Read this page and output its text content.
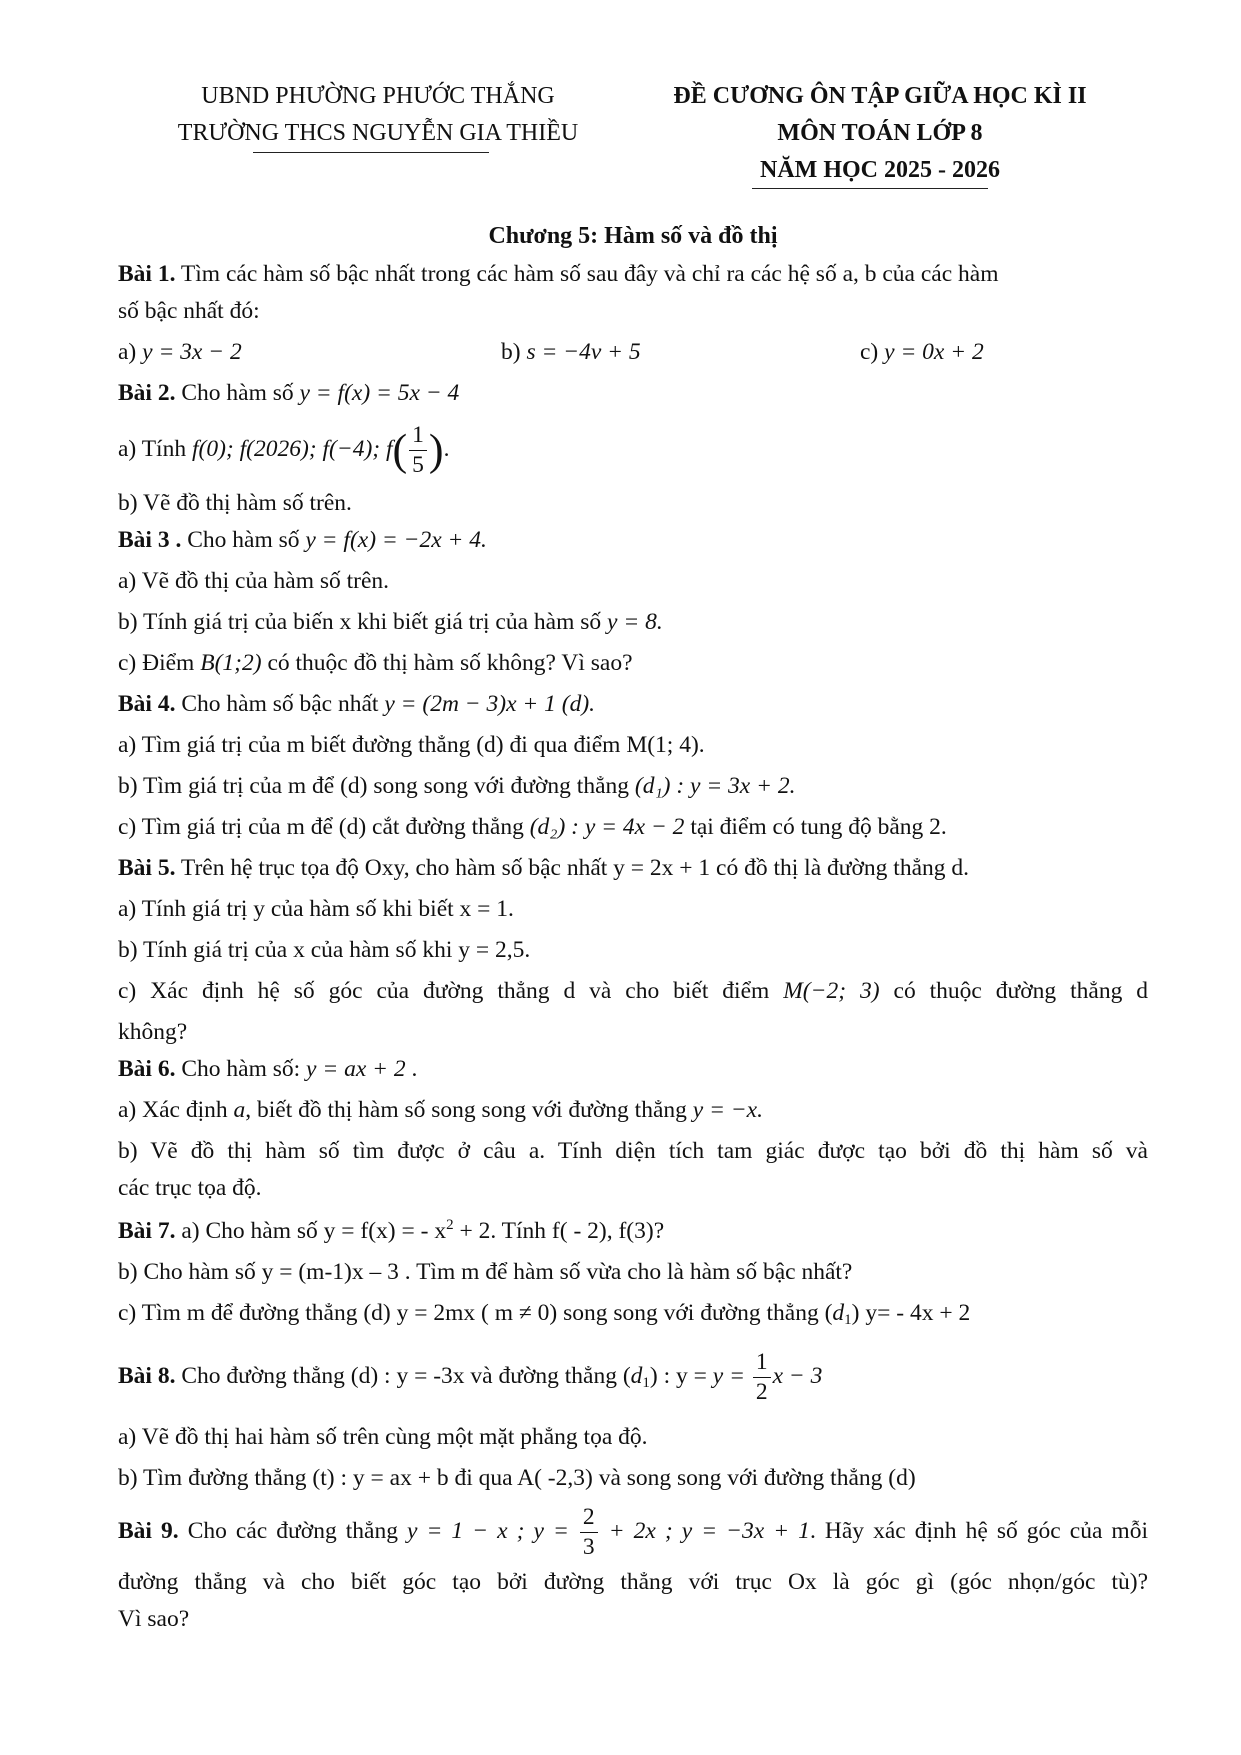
UBND PHƯỜNG PHƯỚC THẮNG
TRƯỜNG THCS NGUYỄN GIA THIỀU
ĐỀ CƯƠNG ÔN TẬP GIỮA HỌC KÌ II
MÔN TOÁN LỚP 8
NĂM HỌC 2025 - 2026
Chương 5: Hàm số và đồ thị
Bài 1. Tìm các hàm số bậc nhất trong các hàm số sau đây và chỉ ra các hệ số a, b của các hàm
số bậc nhất đó:
a) y = 3x − 2	b) s = −4v + 5	c) y = 0x + 2
Bài 2. Cho hàm số y = f(x) = 5x − 4
a) Tính f(0); f(2026); f(−4); $f( \frac{1}{5}$ ).
b) Vẽ đồ thị hàm số trên.
Bài 3 . Cho hàm số y = f(x) = −2x + 4.
a) Vẽ đồ thị của hàm số trên.
b) Tính giá trị của biến x khi biết giá trị của hàm số y = 8.
c) Điểm B(1;2) có thuộc đồ thị hàm số không? Vì sao?
Bài 4. Cho hàm số bậc nhất y = (2m − 3)x + 1 (d).
a) Tìm giá trị của m biết đường thẳng (d) đi qua điểm M(1; 4).
b) Tìm giá trị của m để (d) song song với đường thẳng (d₁) : y = 3x + 2.
c) Tìm giá trị của m để (d) cắt đường thẳng (d₂) : y = 4x − 2 tại điểm có tung độ bằng 2.
Bài 5. Trên hệ trục tọa độ Oxy, cho hàm số bậc nhất y = 2x + 1 có đồ thị là đường thẳng d.
a) Tính giá trị y của hàm số khi biết x = 1.
b) Tính giá trị của x của hàm số khi y = 2,5.
c) Xác định hệ số góc của đường thẳng d và cho biết điểm M(−2; 3) có thuộc đường thẳng d
không?
Bài 6. Cho hàm số: y = ax + 2 .
a) Xác định a, biết đồ thị hàm số song song với đường thẳng y = −x.
b) Vẽ đồ thị hàm số tìm được ở câu a. Tính diện tích tam giác được tạo bởi đồ thị hàm số và
các trục tọa độ.
Bài 7. a) Cho hàm số y = f(x) = - $x^2 + 2$. Tính f( - 2), f(3)?
b) Cho hàm số y = (m-1)x – 3 . Tìm m để hàm số vừa cho là hàm số bậc nhất?
c) Tìm m để đường thẳng (d) y = 2mx ( m ≠ 0) song song với đường thẳng $(d_1)$ y= - 4x + 2
Bài 8. Cho đường thẳng (d) : y = -3x và đường thẳng $(d_1)$ : $y = y = \frac{1}{2}$ x − 3
a) Vẽ đồ thị hai hàm số trên cùng một mặt phẳng tọa độ.
b) Tìm đường thẳng (t) : y = ax + b đi qua A( -2,3) và song song với đường thẳng (d)
Bài 9. Cho các đường thẳng y = 1 − x ; $y = \frac{2}{3} + 2x$ ; y = −3x + 1. Hãy xác định hệ số góc của mỗi
đường thẳng và cho biết góc tạo bởi đường thẳng với trục Ox là góc gì (góc nhọn/góc tù)?
Vì sao?
